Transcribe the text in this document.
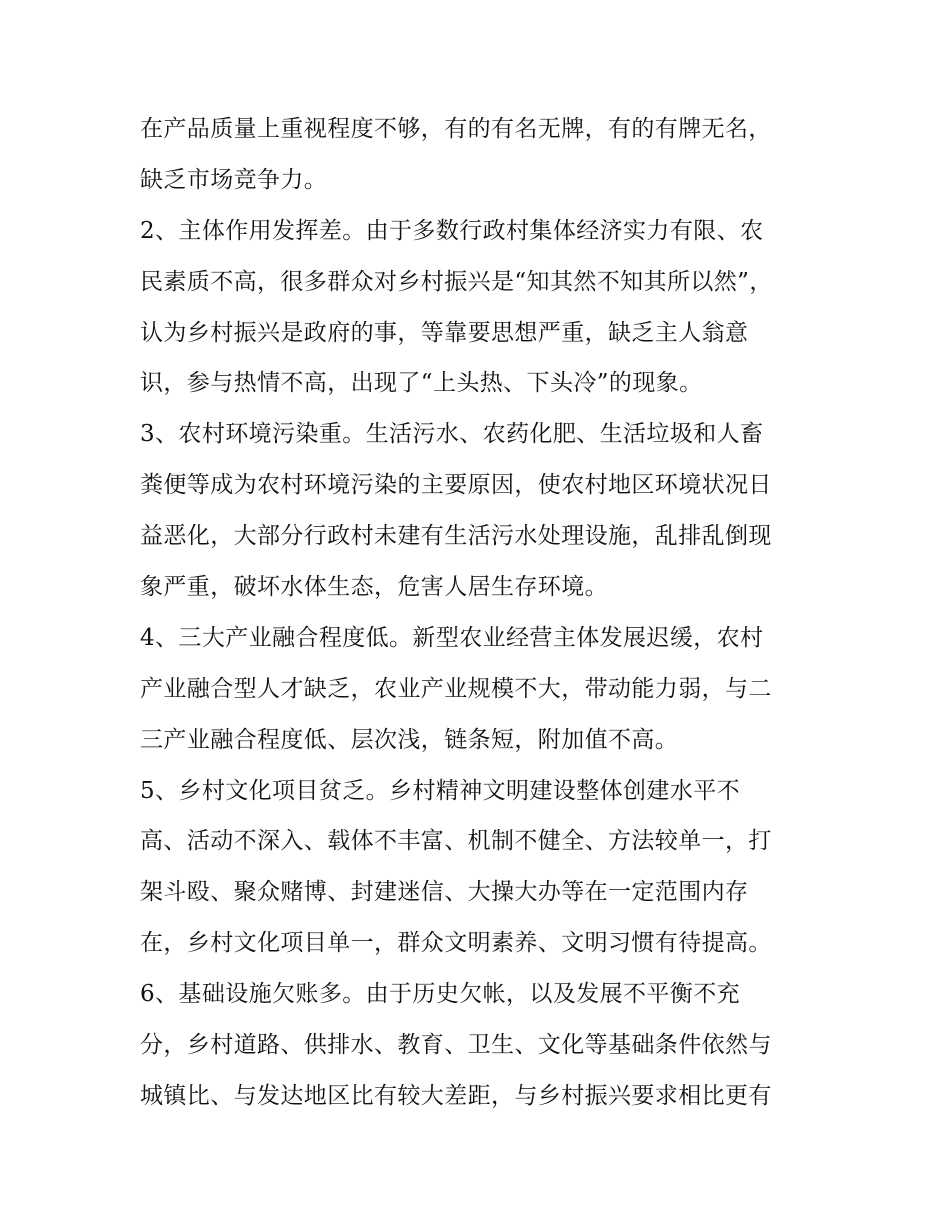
在产品质量上重视程度不够，有的有名无牌，有的有牌无名，
缺乏市场竞争力。
2、主体作用发挥差。由于多数行政村集体经济实力有限、农
民素质不高，很多群众对乡村振兴是“知其然不知其所以然”，
认为乡村振兴是政府的事，等靠要思想严重，缺乏主人翁意
识，参与热情不高，出现了“上头热、下头冷”的现象。
3、农村环境污染重。生活污水、农药化肥、生活垃圾和人畜
粪便等成为农村环境污染的主要原因，使农村地区环境状况日
益恶化，大部分行政村未建有生活污水处理设施，乱排乱倒现
象严重，破坏水体生态，危害人居生存环境。
4、三大产业融合程度低。新型农业经营主体发展迟缓，农村
产业融合型人才缺乏，农业产业规模不大，带动能力弱，与二
三产业融合程度低、层次浅，链条短，附加值不高。
5、乡村文化项目贫乏。乡村精神文明建设整体创建水平不
高、活动不深入、载体不丰富、机制不健全、方法较单一，打
架斗殴、聚众赌博、封建迷信、大操大办等在一定范围内存
在，乡村文化项目单一，群众文明素养、文明习惯有待提高。
6、基础设施欠账多。由于历史欠帐，以及发展不平衡不充
分，乡村道路、供排水、教育、卫生、文化等基础条件依然与
城镇比、与发达地区比有较大差距，与乡村振兴要求相比更有
